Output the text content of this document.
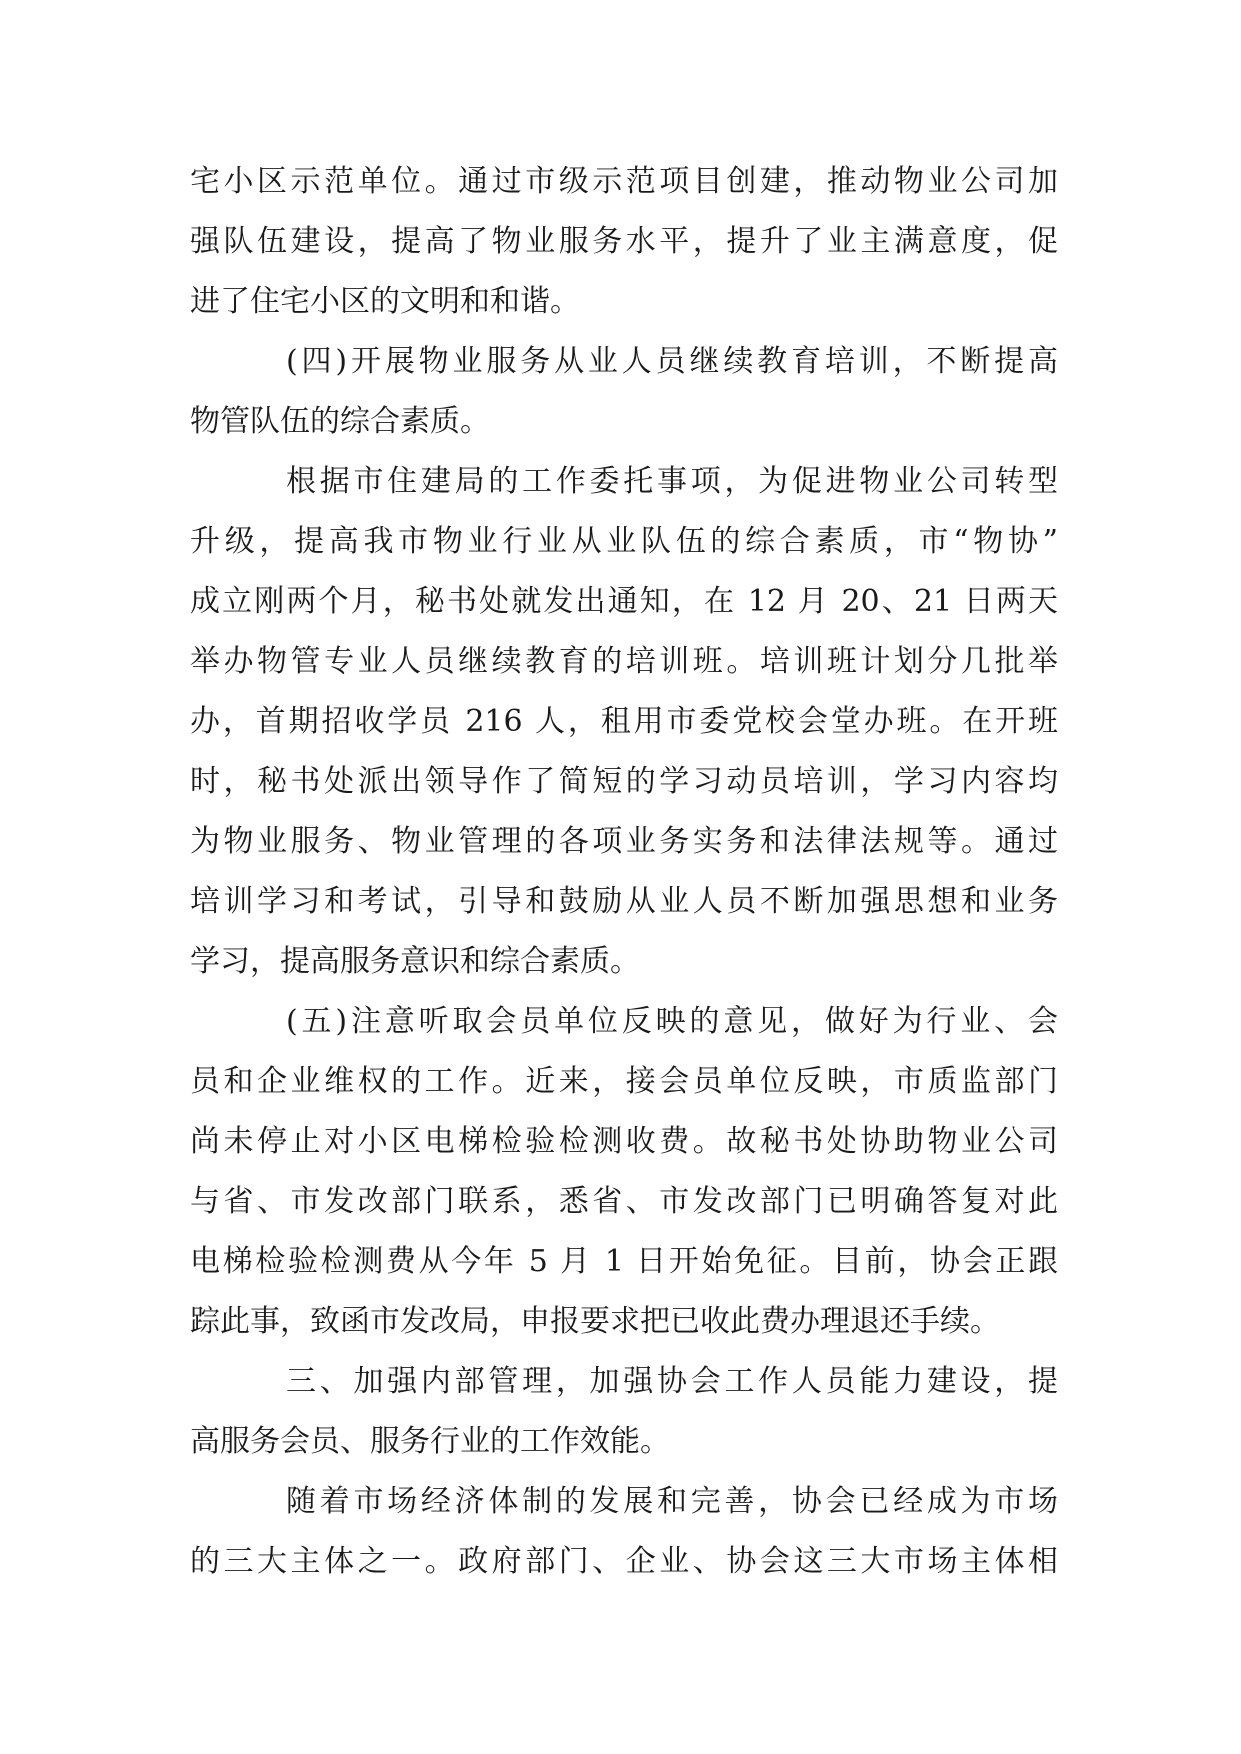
宅小区示范单位。通过市级示范项目创建，推动物业公司加
强队伍建设，提高了物业服务水平，提升了业主满意度，促
进了住宅小区的文明和和谐。
(四)开展物业服务从业人员继续教育培训，不断提高
物管队伍的综合素质。
根据市住建局的工作委托事项，为促进物业公司转型
升级，提高我市物业行业从业队伍的综合素质，市“物协”
成立刚两个月，秘书处就发出通知，在 12 月 20、21 日两天
举办物管专业人员继续教育的培训班。培训班计划分几批举
办，首期招收学员 216 人，租用市委党校会堂办班。在开班
时，秘书处派出领导作了简短的学习动员培训，学习内容均
为物业服务、物业管理的各项业务实务和法律法规等。通过
培训学习和考试，引导和鼓励从业人员不断加强思想和业务
学习，提高服务意识和综合素质。
(五)注意听取会员单位反映的意见，做好为行业、会
员和企业维权的工作。近来，接会员单位反映，市质监部门
尚未停止对小区电梯检验检测收费。故秘书处协助物业公司
与省、市发改部门联系，悉省、市发改部门已明确答复对此
电梯检验检测费从今年 5 月 1 日开始免征。目前，协会正跟
踪此事，致函市发改局，申报要求把已收此费办理退还手续。
三、加强内部管理，加强协会工作人员能力建设，提
高服务会员、服务行业的工作效能。
随着市场经济体制的发展和完善，协会已经成为市场
的三大主体之一。政府部门、企业、协会这三大市场主体相
